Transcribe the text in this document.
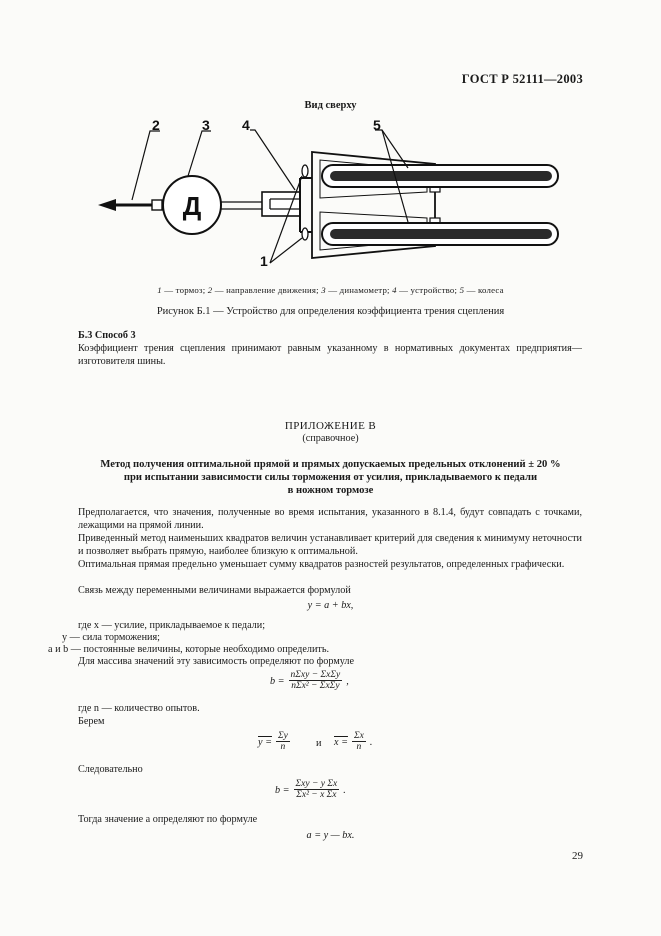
ГОСТ Р 52111—2003
Вид сверху
Д
2	3 4	5
1
1 — тормоз; 2 — направление движения; 3 — динамометр; 4 — устройство; 5 — колеса
Рисунок Б.1 — Устройство для определения коэффициента трения сцепления
Б.3 Способ 3
Коэффициент трения сцепления принимают равным указанному в нормативных документах предприятия—изготовителя шины.
ПРИЛОЖЕНИЕ В
(справочное)
Метод получения оптимальной прямой и прямых допускаемых предельных отклонений ± 20 %
при испытании зависимости силы торможения от усилия, прикладываемого к педали
в ножном тормозе
Предполагается, что значения, полученные во время испытания, указанного в 8.1.4, будут совпадать с точками, лежащими на прямой линии.
Приведенный метод наименьших квадратов величин устанавливает критерий для сведения к минимуму неточности и позволяет выбрать прямую, наиболее близкую к оптимальной.
Оптимальная прямая предельно уменьшает сумму квадратов разностей результатов, определенных графически.
Связь между переменными величинами выражается формулой
y = a + bx,
где x — усилие, прикладываемое к педали;
y — сила торможения;
a и b — постоянные величины, которые необходимо определить.
Для массива значений эту зависимость определяют по формуле
$b = \frac{\text{nΣxy − ΣxΣy}}{\text{nΣx² − ΣxΣy}}$ ,
где n — количество опытов.
Берем
$y = \frac{\Sigma y}{n}$	и $x = \frac{\Sigma x}{n}$ .
Следовательно
$b = \frac{\text{Σxy − y Σx}}{\text{Σx² − x Σx}}$ .
Тогда значение a определяют по формуле
a = y — bx.
29
